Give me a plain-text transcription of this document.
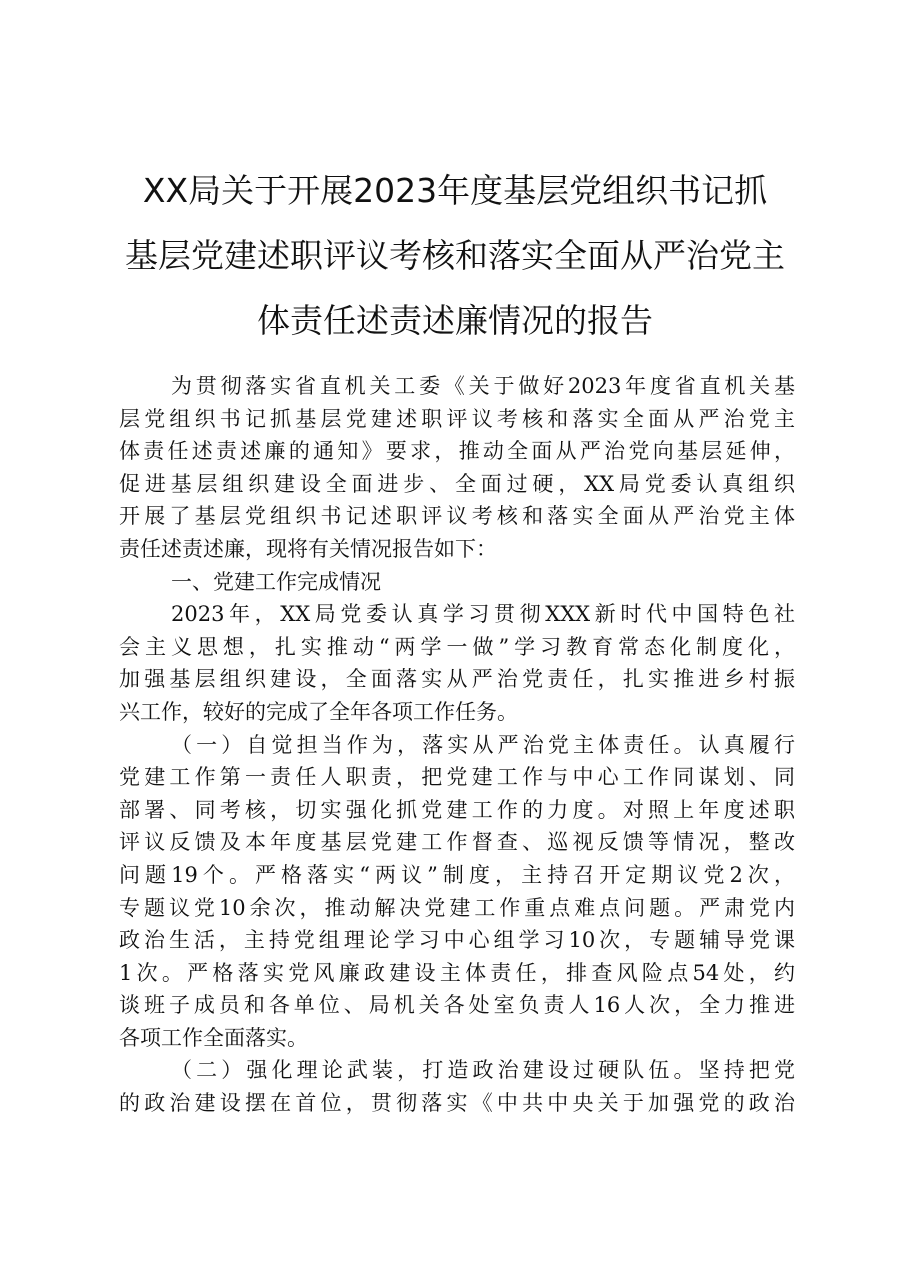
XX局关于开展2023年度基层党组织书记抓
基层党建述职评议考核和落实全面从严治党主
体责任述责述廉情况的报告
为贯彻落实省直机关工委《关于做好2023年度省直机关基
层党组织书记抓基层党建述职评议考核和落实全面从严治党主
体责任述责述廉的通知》要求，推动全面从严治党向基层延伸，
促进基层组织建设全面进步、全面过硬，XX局党委认真组织
开展了基层党组织书记述职评议考核和落实全面从严治党主体
责任述责述廉，现将有关情况报告如下：
一、党建工作完成情况
2023年，XX局党委认真学习贯彻XXX新时代中国特色社
会主义思想，扎实推动“两学一做”学习教育常态化制度化，
加强基层组织建设，全面落实从严治党责任，扎实推进乡村振
兴工作，较好的完成了全年各项工作任务。
（一）自觉担当作为，落实从严治党主体责任。认真履行
党建工作第一责任人职责，把党建工作与中心工作同谋划、同
部署、同考核，切实强化抓党建工作的力度。对照上年度述职
评议反馈及本年度基层党建工作督查、巡视反馈等情况，整改
问题19个。严格落实“两议”制度，主持召开定期议党2次，
专题议党10余次，推动解决党建工作重点难点问题。严肃党内
政治生活，主持党组理论学习中心组学习10次，专题辅导党课
1次。严格落实党风廉政建设主体责任，排查风险点54处，约
谈班子成员和各单位、局机关各处室负责人16人次，全力推进
各项工作全面落实。
（二）强化理论武装，打造政治建设过硬队伍。坚持把党
的政治建设摆在首位，贯彻落实《中共中央关于加强党的政治
